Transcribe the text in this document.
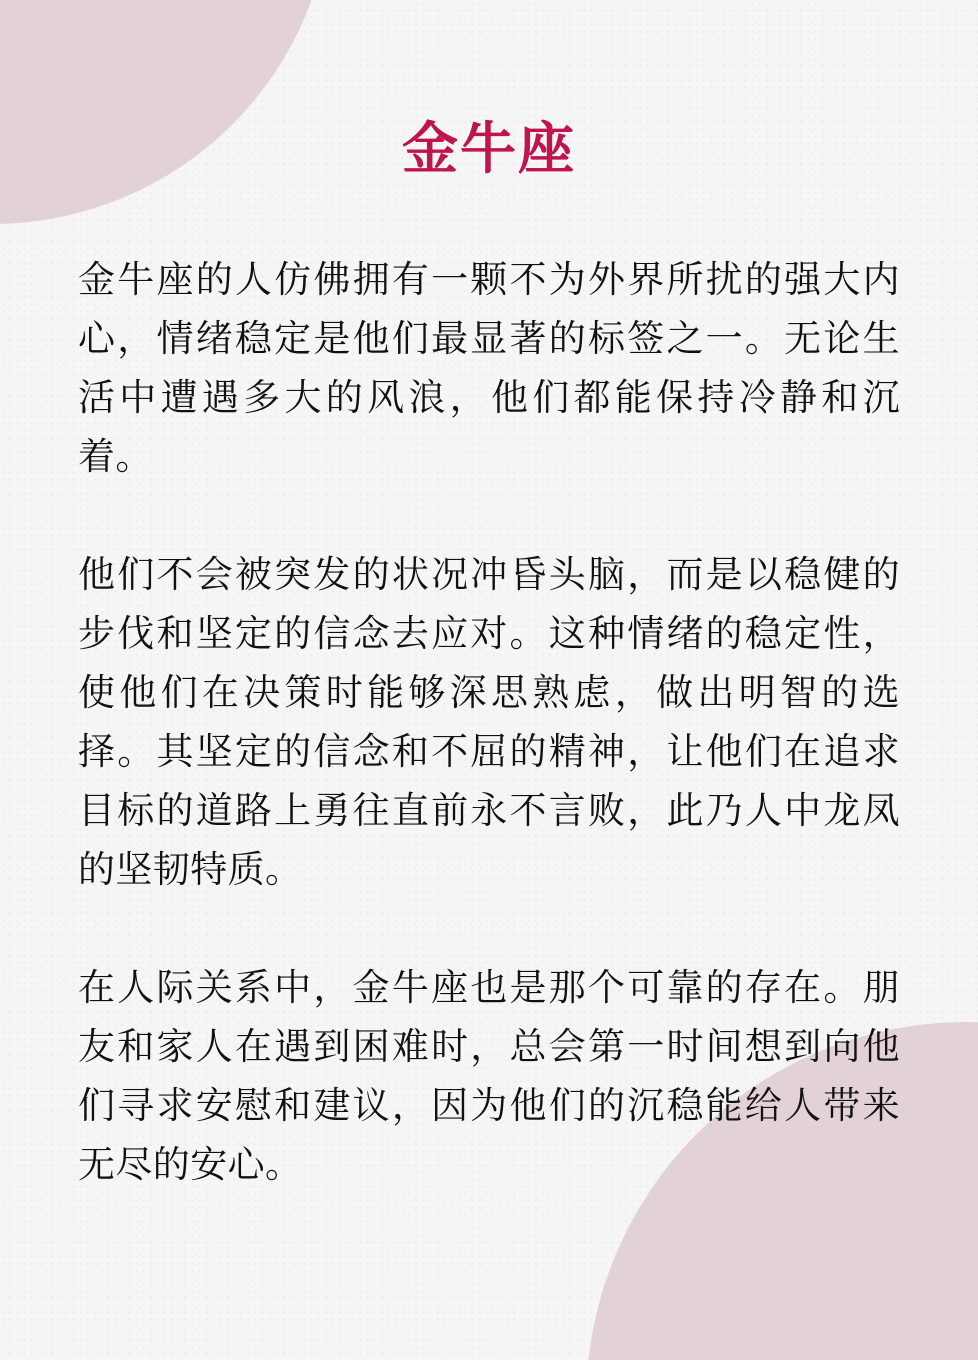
金牛座

金牛座的人仿佛拥有一颗不为外界所扰的强大内心，情绪稳定是他们最显著的标签之一。无论生活中遭遇多大的风浪，他们都能保持冷静和沉着。

他们不会被突发的状况冲昏头脑，而是以稳健的步伐和坚定的信念去应对。这种情绪的稳定性，使他们在决策时能够深思熟虑，做出明智的选择。其坚定的信念和不屈的精神，让他们在追求目标的道路上勇往直前永不言败，此乃人中龙凤的坚韧特质。

在人际关系中，金牛座也是那个可靠的存在。朋友和家人在遇到困难时，总会第一时间想到向他们寻求安慰和建议，因为他们的沉稳能给人带来无尽的安心。
